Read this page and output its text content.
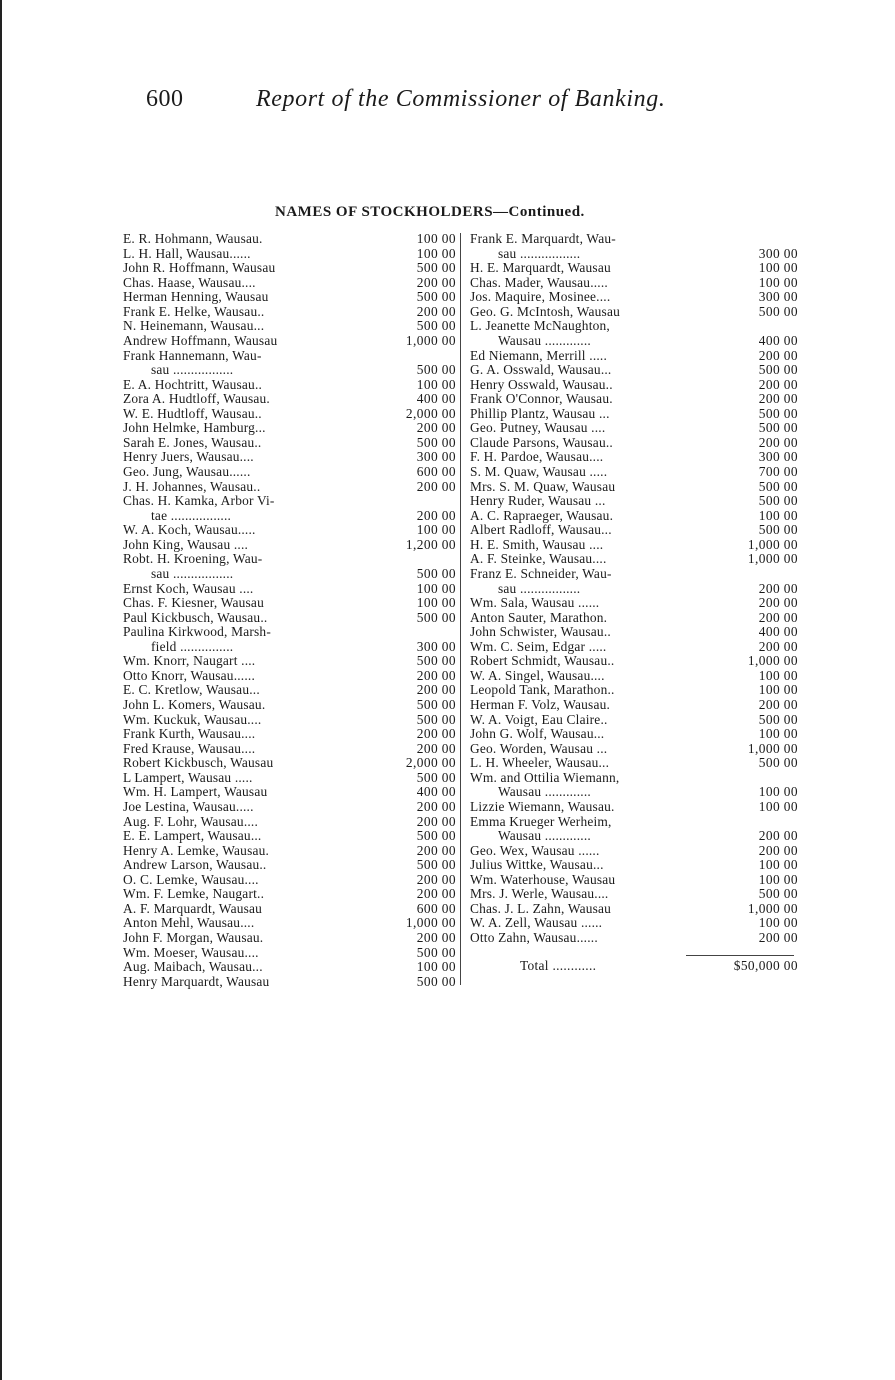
600	Report of the Commissioner of Banking.
NAMES OF STOCKHOLDERS—Continued.
E. R. Hohmann, Wausau.	100 00
L. H. Hall, Wausau......	100 00
John R. Hoffmann, Wausau	500 00
Chas. Haase, Wausau....	200 00
Herman Henning, Wausau	500 00
Frank E. Helke, Wausau..	200 00
N. Heinemann, Wausau...	500 00
Andrew Hoffmann, Wausau	1,000 00
Frank Hannemann, Wau-
sau .................	500 00
E. A. Hochtritt, Wausau..	100 00
Zora A. Hudtloff, Wausau.	400 00
W. E. Hudtloff, Wausau..	2,000 00
John Helmke, Hamburg...	200 00
Sarah E. Jones, Wausau..	500 00
Henry Juers, Wausau....	300 00
Geo. Jung, Wausau......	600 00
J. H. Johannes, Wausau..	200 00
Chas. H. Kamka, Arbor Vi-
tae .................	200 00
W. A. Koch, Wausau.....	100 00
John King, Wausau ....	1,200 00
Robt. H. Kroening, Wau-
sau .................	500 00
Ernst Koch, Wausau ....	100 00
Chas. F. Kiesner, Wausau	100 00
Paul Kickbusch, Wausau..	500 00
Paulina Kirkwood, Marsh-
field ...............	300 00
Wm. Knorr, Naugart ....	500 00
Otto Knorr, Wausau......	200 00
E. C. Kretlow, Wausau...	200 00
John L. Komers, Wausau.	500 00
Wm. Kuckuk, Wausau....	500 00
Frank Kurth, Wausau....	200 00
Fred Krause, Wausau....	200 00
Robert Kickbusch, Wausau	2,000 00
L Lampert, Wausau .....	500 00
Wm. H. Lampert, Wausau	400 00
Joe Lestina, Wausau.....	200 00
Aug. F. Lohr, Wausau....	200 00
E. E. Lampert, Wausau...	500 00
Henry A. Lemke, Wausau.	200 00
Andrew Larson, Wausau..	500 00
O. C. Lemke, Wausau....	200 00
Wm. F. Lemke, Naugart..	200 00
A. F. Marquardt, Wausau	600 00
Anton Mehl, Wausau....	1,000 00
John F. Morgan, Wausau.	200 00
Wm. Moeser, Wausau....	500 00
Aug. Maibach, Wausau...	100 00
Henry Marquardt, Wausau	500 00
Frank E. Marquardt, Wau-
sau .................	300 00
H. E. Marquardt, Wausau	100 00
Chas. Mader, Wausau.....	100 00
Jos. Maquire, Mosinee....	300 00
Geo. G. McIntosh, Wausau	500 00
L. Jeanette McNaughton,
Wausau .............	400 00
Ed Niemann, Merrill .....	200 00
G. A. Osswald, Wausau...	500 00
Henry Osswald, Wausau..	200 00
Frank O'Connor, Wausau.	200 00
Phillip Plantz, Wausau ...	500 00
Geo. Putney, Wausau ....	500 00
Claude Parsons, Wausau..	200 00
F. H. Pardoe, Wausau....	300 00
S. M. Quaw, Wausau .....	700 00
Mrs. S. M. Quaw, Wausau	500 00
Henry Ruder, Wausau ...	500 00
A. C. Rapraeger, Wausau.	100 00
Albert Radloff, Wausau...	500 00
H. E. Smith, Wausau ....	1,000 00
A. F. Steinke, Wausau....	1,000 00
Franz E. Schneider, Wau-
sau .................	200 00
Wm. Sala, Wausau ......	200 00
Anton Sauter, Marathon.	200 00
John Schwister, Wausau..	400 00
Wm. C. Seim, Edgar .....	200 00
Robert Schmidt, Wausau..	1,000 00
W. A. Singel, Wausau....	100 00
Leopold Tank, Marathon..	100 00
Herman F. Volz, Wausau.	200 00
W. A. Voigt, Eau Claire..	500 00
John G. Wolf, Wausau...	100 00
Geo. Worden, Wausau ...	1,000 00
L. H. Wheeler, Wausau...	500 00
Wm. and Ottilia Wiemann,
Wausau .............	100 00
Lizzie Wiemann, Wausau.	100 00
Emma Krueger Werheim,
Wausau .............	200 00
Geo. Wex, Wausau ......	200 00
Julius Wittke, Wausau...	100 00
Wm. Waterhouse, Wausau	100 00
Mrs. J. Werle, Wausau....	500 00
Chas. J. L. Zahn, Wausau	1,000 00
W. A. Zell, Wausau ......	100 00
Otto Zahn, Wausau......	200 00
Total ............	$50,000 00
